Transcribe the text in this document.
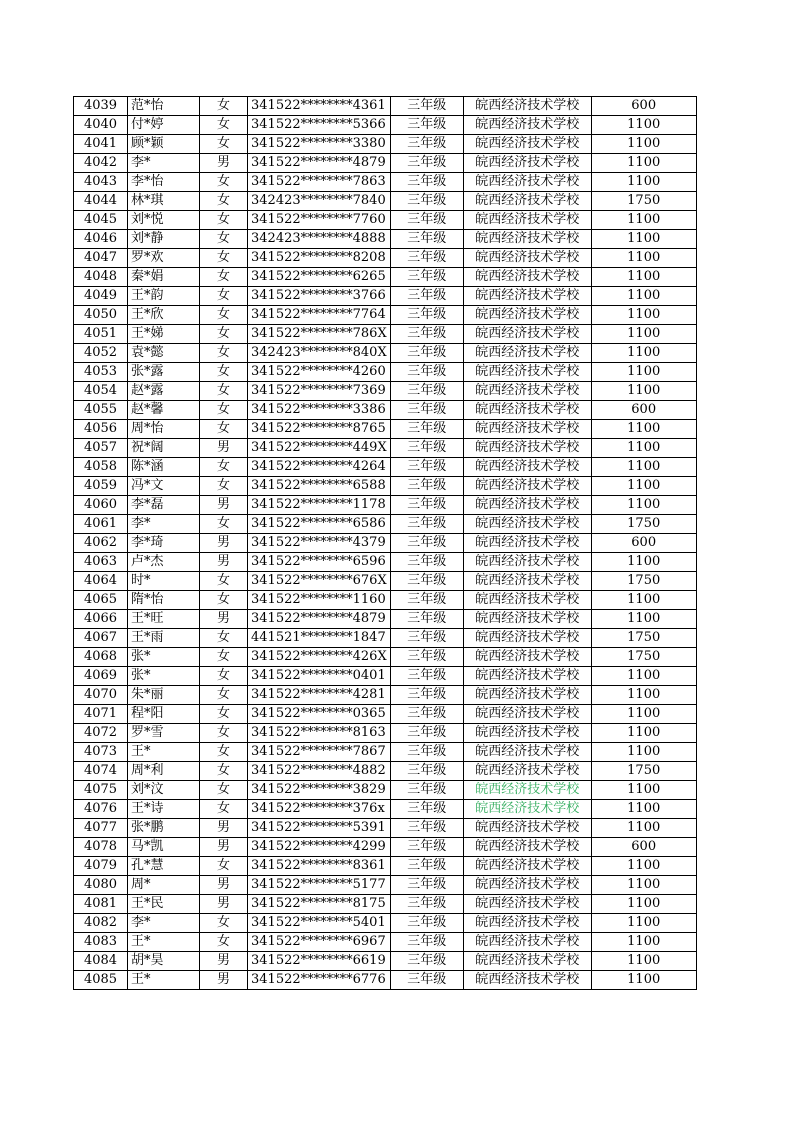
4039	范*怡	女	341522********4361	三年级	皖西经济技术学校	600
4040	付*婷	女	341522********5366	三年级	皖西经济技术学校	1100
4041	顾*颖	女	341522********3380	三年级	皖西经济技术学校	1100
4042	李*	男	341522********4879	三年级	皖西经济技术学校	1100
4043	李*怡	女	341522********7863	三年级	皖西经济技术学校	1100
4044	林*琪	女	342423********7840	三年级	皖西经济技术学校	1750
4045	刘*悦	女	341522********7760	三年级	皖西经济技术学校	1100
4046	刘*静	女	342423********4888	三年级	皖西经济技术学校	1100
4047	罗*欢	女	341522********8208	三年级	皖西经济技术学校	1100
4048	秦*娟	女	341522********6265	三年级	皖西经济技术学校	1100
4049	王*韵	女	341522********3766	三年级	皖西经济技术学校	1100
4050	王*欣	女	341522********7764	三年级	皖西经济技术学校	1100
4051	王*娣	女	341522********786X	三年级	皖西经济技术学校	1100
4052	袁*懿	女	342423********840X	三年级	皖西经济技术学校	1100
4053	张*露	女	341522********4260	三年级	皖西经济技术学校	1100
4054	赵*露	女	341522********7369	三年级	皖西经济技术学校	1100
4055	赵*馨	女	341522********3386	三年级	皖西经济技术学校	600
4056	周*怡	女	341522********8765	三年级	皖西经济技术学校	1100
4057	祝*阔	男	341522********449X	三年级	皖西经济技术学校	1100
4058	陈*涵	女	341522********4264	三年级	皖西经济技术学校	1100
4059	冯*文	女	341522********6588	三年级	皖西经济技术学校	1100
4060	李*磊	男	341522********1178	三年级	皖西经济技术学校	1100
4061	李*	女	341522********6586	三年级	皖西经济技术学校	1750
4062	李*琦	男	341522********4379	三年级	皖西经济技术学校	600
4063	卢*杰	男	341522********6596	三年级	皖西经济技术学校	1100
4064	时*	女	341522********676X	三年级	皖西经济技术学校	1750
4065	隋*怡	女	341522********1160	三年级	皖西经济技术学校	1100
4066	王*旺	男	341522********4879	三年级	皖西经济技术学校	1100
4067	王*雨	女	441521********1847	三年级	皖西经济技术学校	1750
4068	张*	女	341522********426X	三年级	皖西经济技术学校	1750
4069	张*	女	341522********0401	三年级	皖西经济技术学校	1100
4070	朱*丽	女	341522********4281	三年级	皖西经济技术学校	1100
4071	程*阳	女	341522********0365	三年级	皖西经济技术学校	1100
4072	罗*雪	女	341522********8163	三年级	皖西经济技术学校	1100
4073	王*	女	341522********7867	三年级	皖西经济技术学校	1100
4074	周*利	女	341522********4882	三年级	皖西经济技术学校	1750
4075	刘*汶	女	341522********3829	三年级	皖西经济技术学校	1100
4076	王*诗	女	341522********376x	三年级	皖西经济技术学校	1100
4077	张*鹏	男	341522********5391	三年级	皖西经济技术学校	1100
4078	马*凯	男	341522********4299	三年级	皖西经济技术学校	600
4079	孔*慧	女	341522********8361	三年级	皖西经济技术学校	1100
4080	周*	男	341522********5177	三年级	皖西经济技术学校	1100
4081	王*民	男	341522********8175	三年级	皖西经济技术学校	1100
4082	李*	女	341522********5401	三年级	皖西经济技术学校	1100
4083	王*	女	341522********6967	三年级	皖西经济技术学校	1100
4084	胡*昊	男	341522********6619	三年级	皖西经济技术学校	1100
4085	王*	男	341522********6776	三年级	皖西经济技术学校	1100
